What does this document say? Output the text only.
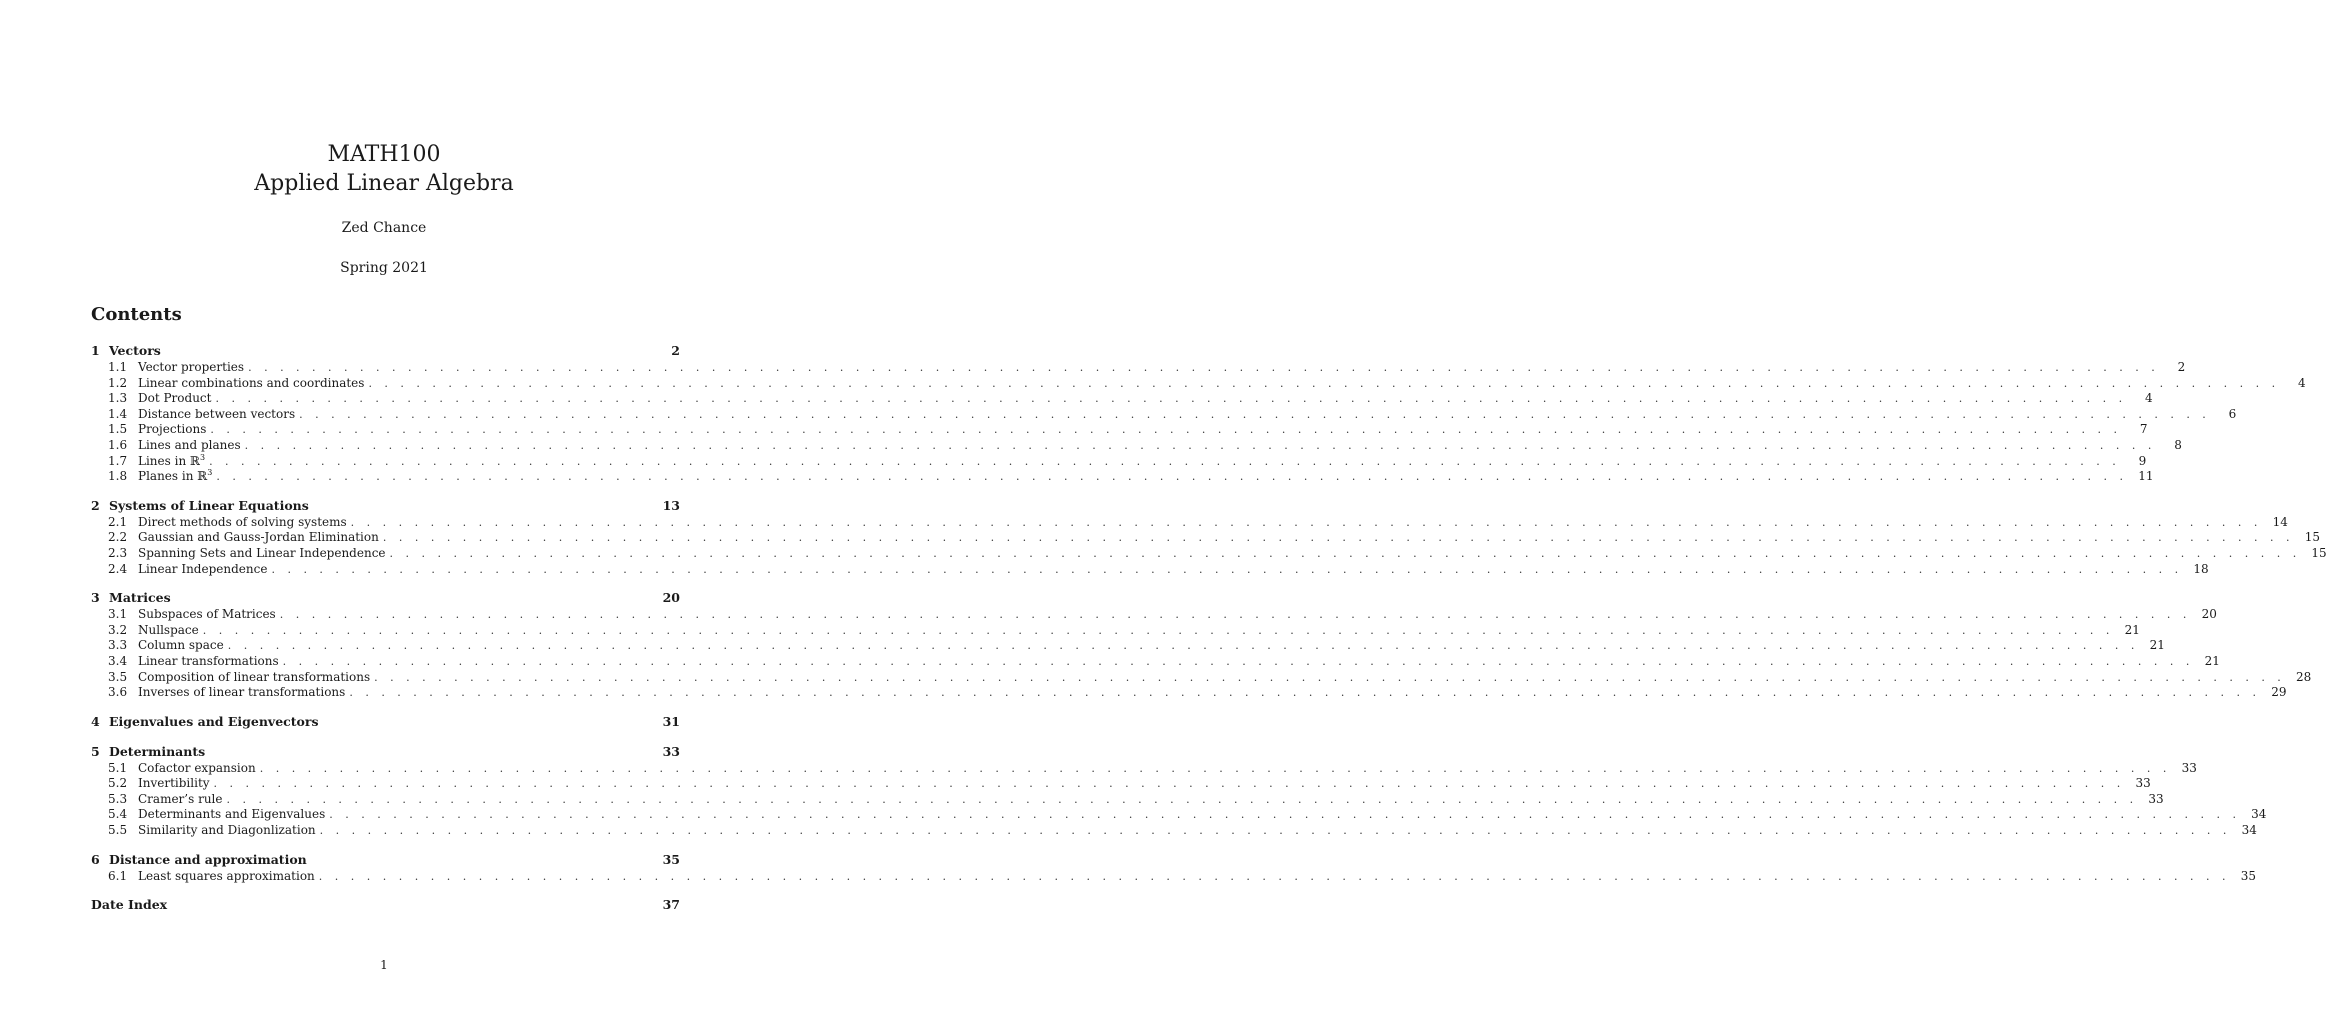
MATH100
Applied Linear Algebra
Zed Chance
Spring 2021
Contents
1 Vectors	2
1.1 Vector properties . . . . . . . . . . . . . . . . . . . . . . . . . . . . . . . . . . . . . . . . . . . . . . . . . . . . . . . . . . . . . . . . . . . . . . . . . . . . . . . . . . . . . . . . . . . . . . . . . . . . . . . . . . . . . . . . . . . . . . . .	2
1.2 Linear combinations and coordinates . . . . . . . . . . . . . . . . . . . . . . . . . . . . . . . . . . . . . . . . . . . . . . . . . . . . . . . . . . . . . . . . . . . . . . . . . . . . . . . . . . . . . . . . . . . . . . . . . . . . . . . . . . . . . . . . . . . . . . . .	4
1.3 Dot Product . . . . . . . . . . . . . . . . . . . . . . . . . . . . . . . . . . . . . . . . . . . . . . . . . . . . . . . . . . . . . . . . . . . . . . . . . . . . . . . . . . . . . . . . . . . . . . . . . . . . . . . . . . . . . . . . . . . . . . . .	4
1.4 Distance between vectors . . . . . . . . . . . . . . . . . . . . . . . . . . . . . . . . . . . . . . . . . . . . . . . . . . . . . . . . . . . . . . . . . . . . . . . . . . . . . . . . . . . . . . . . . . . . . . . . . . . . . . . . . . . . . . . . . . . . . . . .	6
1.5 Projections . . . . . . . . . . . . . . . . . . . . . . . . . . . . . . . . . . . . . . . . . . . . . . . . . . . . . . . . . . . . . . . . . . . . . . . . . . . . . . . . . . . . . . . . . . . . . . . . . . . . . . . . . . . . . . . . . . . . . . . .	7
1.6 Lines and planes . . . . . . . . . . . . . . . . . . . . . . . . . . . . . . . . . . . . . . . . . . . . . . . . . . . . . . . . . . . . . . . . . . . . . . . . . . . . . . . . . . . . . . . . . . . . . . . . . . . . . . . . . . . . . . . . . . . . . . . .	8
1.7 Lines in ℝ$^3$ . . . . . . . . . . . . . . . . . . . . . . . . . . . . . . . . . . . . . . . . . . . . . . . . . . . . . . . . . . . . . . . . . . . . . . . . . . . . . . . . . . . . . . . . . . . . . . . . . . . . . . . . . . . . . . . . . . . . . . . .	9
1.8 Planes in ℝ$^3$ . . . . . . . . . . . . . . . . . . . . . . . . . . . . . . . . . . . . . . . . . . . . . . . . . . . . . . . . . . . . . . . . . . . . . . . . . . . . . . . . . . . . . . . . . . . . . . . . . . . . . . . . . . . . . . . . . . . . . . . . 11
2 Systems of Linear Equations	13
2.1 Direct methods of solving systems . . . . . . . . . . . . . . . . . . . . . . . . . . . . . . . . . . . . . . . . . . . . . . . . . . . . . . . . . . . . . . . . . . . . . . . . . . . . . . . . . . . . . . . . . . . . . . . . . . . . . . . . . . . . . . . . . . . . . . . . 14
2.2 Gaussian and Gauss-Jordan Elimination . . . . . . . . . . . . . . . . . . . . . . . . . . . . . . . . . . . . . . . . . . . . . . . . . . . . . . . . . . . . . . . . . . . . . . . . . . . . . . . . . . . . . . . . . . . . . . . . . . . . . . . . . . . . . . . . . . . . . . . . 15
2.3 Spanning Sets and Linear Independence . . . . . . . . . . . . . . . . . . . . . . . . . . . . . . . . . . . . . . . . . . . . . . . . . . . . . . . . . . . . . . . . . . . . . . . . . . . . . . . . . . . . . . . . . . . . . . . . . . . . . . . . . . . . . . . . . . . . . . . . 15
2.4 Linear Independence . . . . . . . . . . . . . . . . . . . . . . . . . . . . . . . . . . . . . . . . . . . . . . . . . . . . . . . . . . . . . . . . . . . . . . . . . . . . . . . . . . . . . . . . . . . . . . . . . . . . . . . . . . . . . . . . . . . . . . . . 18
3 Matrices	20
3.1 Subspaces of Matrices . . . . . . . . . . . . . . . . . . . . . . . . . . . . . . . . . . . . . . . . . . . . . . . . . . . . . . . . . . . . . . . . . . . . . . . . . . . . . . . . . . . . . . . . . . . . . . . . . . . . . . . . . . . . . . . . . . . . . . . . 20
3.2 Nullspace . . . . . . . . . . . . . . . . . . . . . . . . . . . . . . . . . . . . . . . . . . . . . . . . . . . . . . . . . . . . . . . . . . . . . . . . . . . . . . . . . . . . . . . . . . . . . . . . . . . . . . . . . . . . . . . . . . . . . . . . 21
3.3 Column space . . . . . . . . . . . . . . . . . . . . . . . . . . . . . . . . . . . . . . . . . . . . . . . . . . . . . . . . . . . . . . . . . . . . . . . . . . . . . . . . . . . . . . . . . . . . . . . . . . . . . . . . . . . . . . . . . . . . . . . . 21
3.4 Linear transformations . . . . . . . . . . . . . . . . . . . . . . . . . . . . . . . . . . . . . . . . . . . . . . . . . . . . . . . . . . . . . . . . . . . . . . . . . . . . . . . . . . . . . . . . . . . . . . . . . . . . . . . . . . . . . . . . . . . . . . . . 21
3.5 Composition of linear transformations . . . . . . . . . . . . . . . . . . . . . . . . . . . . . . . . . . . . . . . . . . . . . . . . . . . . . . . . . . . . . . . . . . . . . . . . . . . . . . . . . . . . . . . . . . . . . . . . . . . . . . . . . . . . . . . . . . . . . . . . 28
3.6 Inverses of linear transformations . . . . . . . . . . . . . . . . . . . . . . . . . . . . . . . . . . . . . . . . . . . . . . . . . . . . . . . . . . . . . . . . . . . . . . . . . . . . . . . . . . . . . . . . . . . . . . . . . . . . . . . . . . . . . . . . . . . . . . . . 29
4 Eigenvalues and Eigenvectors	31
5 Determinants	33
5.1 Cofactor expansion . . . . . . . . . . . . . . . . . . . . . . . . . . . . . . . . . . . . . . . . . . . . . . . . . . . . . . . . . . . . . . . . . . . . . . . . . . . . . . . . . . . . . . . . . . . . . . . . . . . . . . . . . . . . . . . . . . . . . . . . 33
5.2 Invertibility . . . . . . . . . . . . . . . . . . . . . . . . . . . . . . . . . . . . . . . . . . . . . . . . . . . . . . . . . . . . . . . . . . . . . . . . . . . . . . . . . . . . . . . . . . . . . . . . . . . . . . . . . . . . . . . . . . . . . . . . 33
5.3 Cramer’s rule . . . . . . . . . . . . . . . . . . . . . . . . . . . . . . . . . . . . . . . . . . . . . . . . . . . . . . . . . . . . . . . . . . . . . . . . . . . . . . . . . . . . . . . . . . . . . . . . . . . . . . . . . . . . . . . . . . . . . . . . 33
5.4 Determinants and Eigenvalues . . . . . . . . . . . . . . . . . . . . . . . . . . . . . . . . . . . . . . . . . . . . . . . . . . . . . . . . . . . . . . . . . . . . . . . . . . . . . . . . . . . . . . . . . . . . . . . . . . . . . . . . . . . . . . . . . . . . . . . . 34
5.5 Similarity and Diagonlization . . . . . . . . . . . . . . . . . . . . . . . . . . . . . . . . . . . . . . . . . . . . . . . . . . . . . . . . . . . . . . . . . . . . . . . . . . . . . . . . . . . . . . . . . . . . . . . . . . . . . . . . . . . . . . . . . . . . . . . . 34
6 Distance and approximation	35
6.1 Least squares approximation . . . . . . . . . . . . . . . . . . . . . . . . . . . . . . . . . . . . . . . . . . . . . . . . . . . . . . . . . . . . . . . . . . . . . . . . . . . . . . . . . . . . . . . . . . . . . . . . . . . . . . . . . . . . . . . . . . . . . . . . 35
Date Index	37
1
